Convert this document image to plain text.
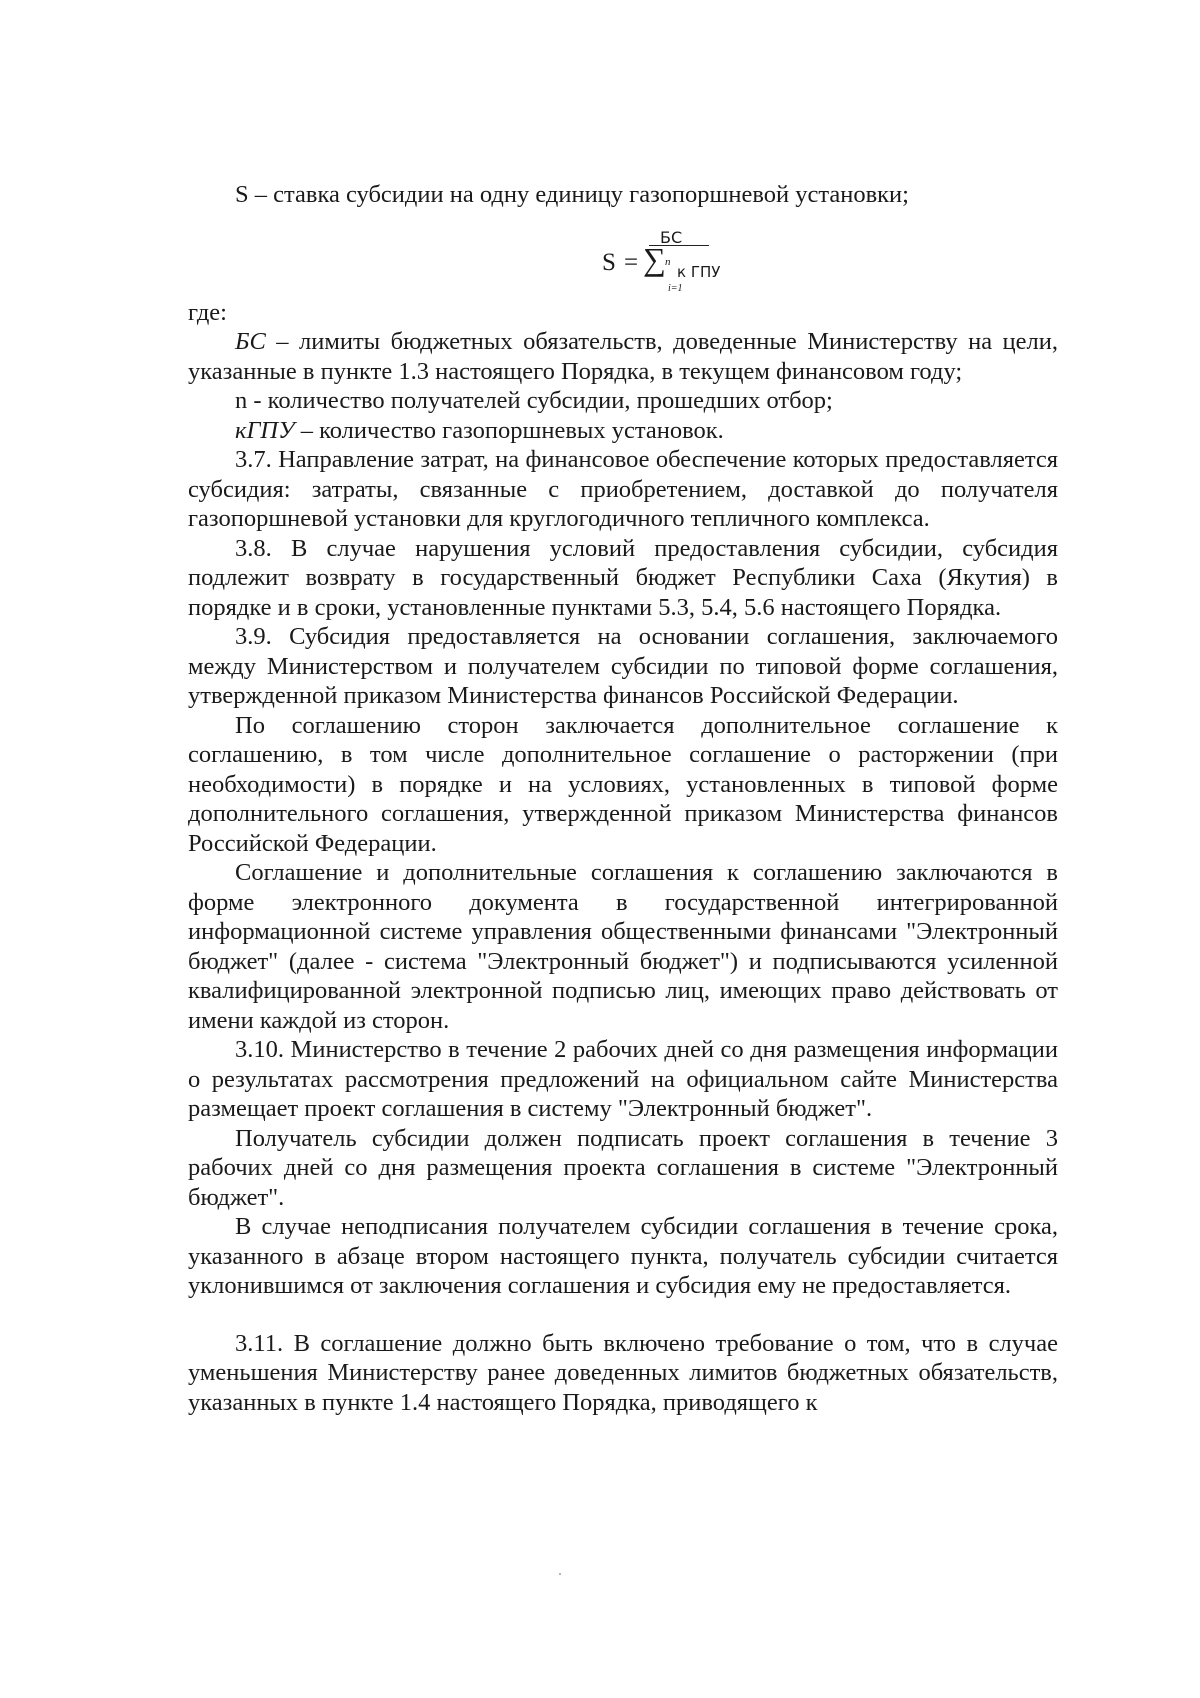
S – ставка субсидии на одну единицу газопоршневой установки;

S =
БС
∑ n
i=1
к ГПУ

где:

БС – лимиты бюджетных обязательств, доведенные Министерству на цели, указанные в пункте 1.3 настоящего Порядка, в текущем финансовом году;

n - количество получателей субсидии, прошедших отбор;

кГПУ – количество газопоршневых установок.

3.7. Направление затрат, на финансовое обеспечение которых предоставляется субсидия: затраты, связанные с приобретением, доставкой до получателя газопоршневой установки для круглогодичного тепличного комплекса.

3.8. В случае нарушения условий предоставления субсидии, субсидия подлежит возврату в государственный бюджет Республики Саха (Якутия) в порядке и в сроки, установленные пунктами 5.3, 5.4, 5.6 настоящего Порядка.

3.9. Субсидия предоставляется на основании соглашения, заключаемого между Министерством и получателем субсидии по типовой форме соглашения, утвержденной приказом Министерства финансов Российской Федерации.

По соглашению сторон заключается дополнительное соглашение к соглашению, в том числе дополнительное соглашение о расторжении (при необходимости) в порядке и на условиях, установленных в типовой форме дополнительного соглашения, утвержденной приказом Министерства финансов Российской Федерации.

Соглашение и дополнительные соглашения к соглашению заключаются в форме электронного документа в государственной интегрированной информационной системе управления общественными финансами "Электронный бюджет" (далее - система "Электронный бюджет") и подписываются усиленной квалифицированной электронной подписью лиц, имеющих право действовать от имени каждой из сторон.

3.10. Министерство в течение 2 рабочих дней со дня размещения информации о результатах рассмотрения предложений на официальном сайте Министерства размещает проект соглашения в систему "Электронный бюджет".

Получатель субсидии должен подписать проект соглашения в течение 3 рабочих дней со дня размещения проекта соглашения в системе "Электронный бюджет".

В случае неподписания получателем субсидии соглашения в течение срока, указанного в абзаце втором настоящего пункта, получатель субсидии считается уклонившимся от заключения соглашения и субсидия ему не предоставляется.

3.11. В соглашение должно быть включено требование о том, что в случае уменьшения Министерству ранее доведенных лимитов бюджетных обязательств, указанных в пункте 1.4 настоящего Порядка, приводящего к
